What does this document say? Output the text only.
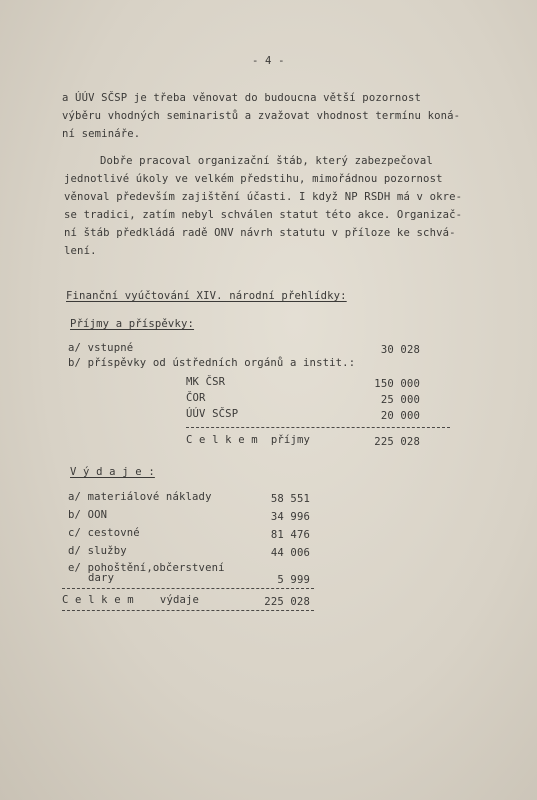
- 4 -
a ÚÚV SČSP je třeba věnovat do budoucna větší pozornost
výběru vhodných seminaristů a zvažovat vhodnost termínu koná-
ní semináře.
Dobře pracoval organizační štáb, který zabezpečoval
jednotlivé úkoly ve velkém předstihu, mimořádnou pozornost
věnoval především zajištění účasti. I když NP RSDH má v okre-
se tradici, zatím nebyl schválen statut této akce. Organizač-
ní štáb předkládá radě ONV návrh statutu v příloze ke schvá-
lení.
Finanční vyúčtování XIV. národní přehlídky:
Příjmy a příspěvky:
a/ vstupné	30 028
b/ příspěvky od ústředních orgánů a instit.:
MK ČSR	150 000
ČOR	25 000
ÚÚV SČSP	20 000
C e l k e m  příjmy	225 028
V ý d a j e :
a/ materiálové náklady	58 551
b/ OON	34 996
c/ cestovné	81 476
d/ služby	44 006
e/ pohoštění,občerstvení
dary	5 999
C e l k e m    výdaje	225 028
